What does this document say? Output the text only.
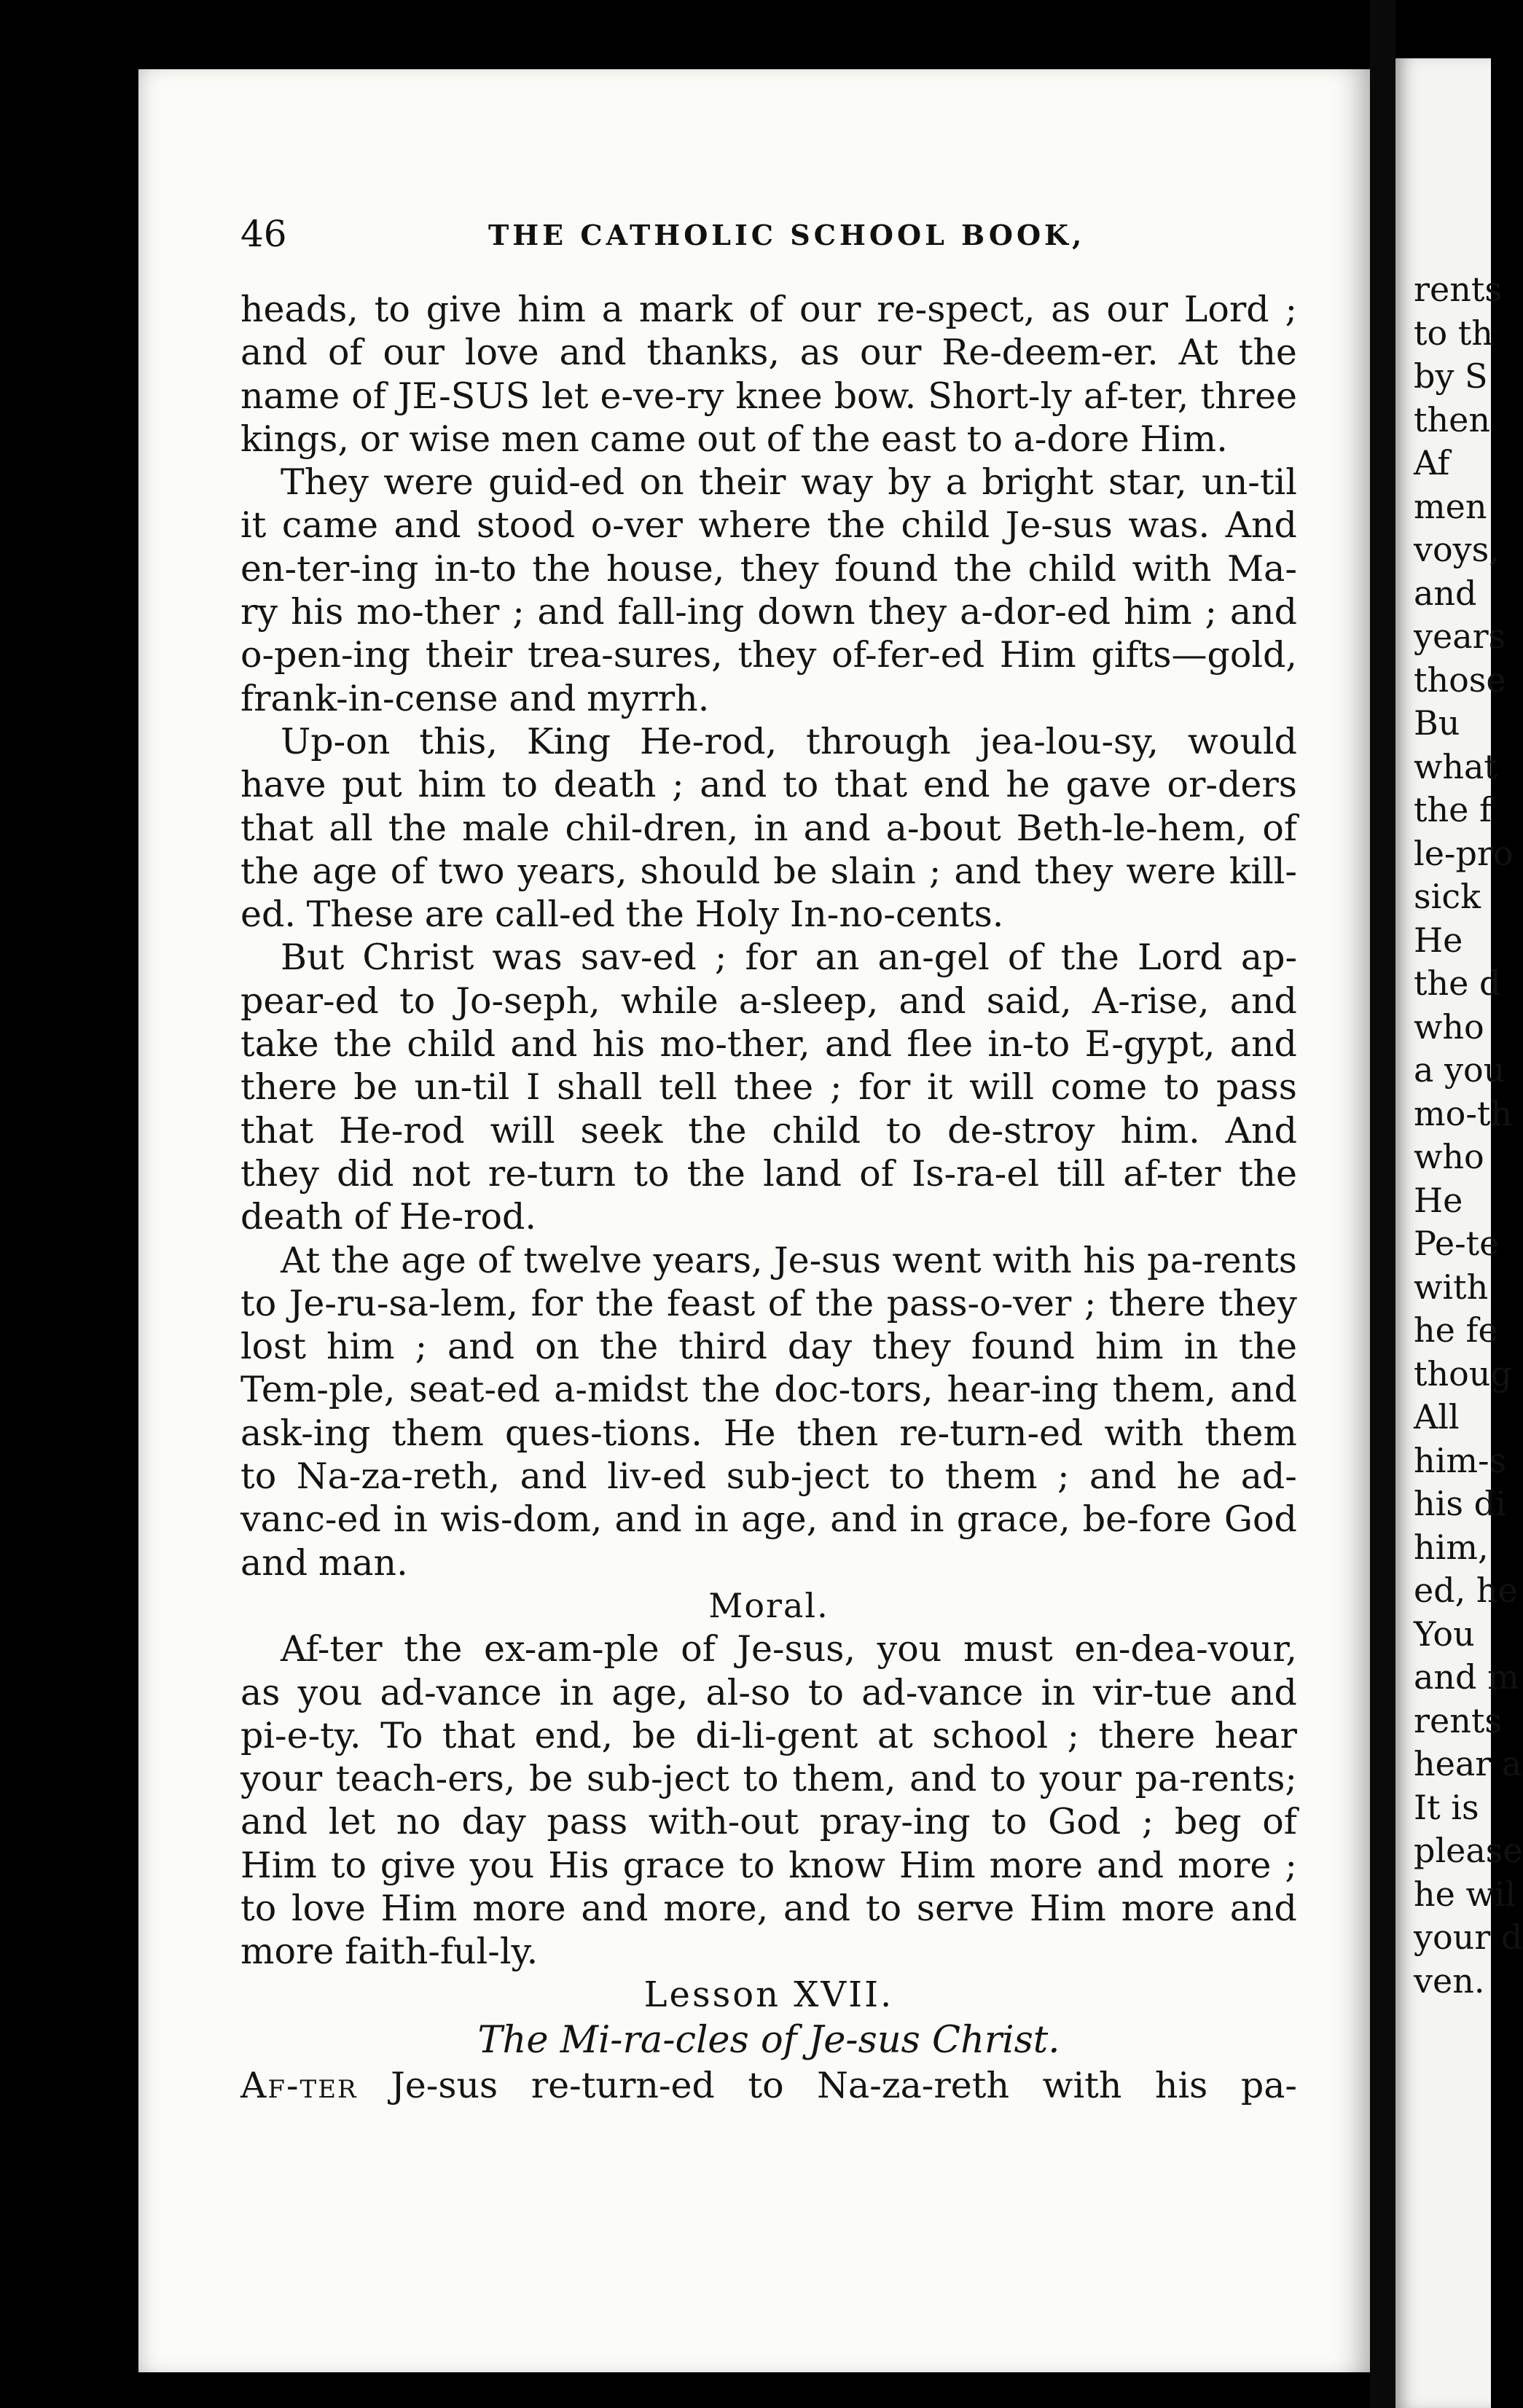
46	THE CATHOLIC SCHOOL BOOK,
heads, to give him a mark of our re-spect, as our Lord ;
and of our love and thanks, as our Re-deem-er. At the
name of JE-SUS let e-ve-ry knee bow. Short-ly af-ter, three
kings, or wise men came out of the east to a-dore Him.
They were guid-ed on their way by a bright star, un-til
it came and stood o-ver where the child Je-sus was. And
en-ter-ing in-to the house, they found the child with Ma-
ry his mo-ther ; and fall-ing down they a-dor-ed him ; and
o-pen-ing their trea-sures, they of-fer-ed Him gifts—gold,
frank-in-cense and myrrh.
Up-on this, King He-rod, through jea-lou-sy, would
have put him to death ; and to that end he gave or-ders
that all the male chil-dren, in and a-bout Beth-le-hem, of
the age of two years, should be slain ; and they were kill-
ed. These are call-ed the Holy In-no-cents.
But Christ was sav-ed ; for an an-gel of the Lord ap-
pear-ed to Jo-seph, while a-sleep, and said, A-rise, and
take the child and his mo-ther, and flee in-to E-gypt, and
there be un-til I shall tell thee ; for it will come to pass
that He-rod will seek the child to de-stroy him. And
they did not re-turn to the land of Is-ra-el till af-ter the
death of He-rod.
At the age of twelve years, Je-sus went with his pa-rents
to Je-ru-sa-lem, for the feast of the pass-o-ver ; there they
lost him ; and on the third day they found him in the
Tem-ple, seat-ed a-midst the doc-tors, hear-ing them, and
ask-ing them ques-tions. He then re-turn-ed with them
to Na-za-reth, and liv-ed sub-ject to them ; and he ad-
vanc-ed in wis-dom, and in age, and in grace, be-fore God
and man.
Moral.
Af-ter the ex-am-ple of Je-sus, you must en-dea-vour,
as you ad-vance in age, al-so to ad-vance in vir-tue and
pi-e-ty. To that end, be di-li-gent at school ; there hear
your teach-ers, be sub-ject to them, and to your pa-rents;
and let no day pass with-out pray-ing to God ; beg of
Him to give you His grace to know Him more and more ;
to love Him more and more, and to serve Him more and
more faith-ful-ly.
Lesson XVII.
The Mi-ra-cles of Je-sus Christ.
Af-ter Je-sus re-turn-ed to Na-za-reth with his pa-
rents
to th
by S
then
Af
men
voys,
and
years
those
Bu
what
the f
le-pro
sick
He
the d
who
a you
mo-th
who
He
Pe-te
with
he fe
thoug
All
him-s
his di
him,
ed, he
You
and m
rents
hear a
It is
please
he wil
your d
ven.
